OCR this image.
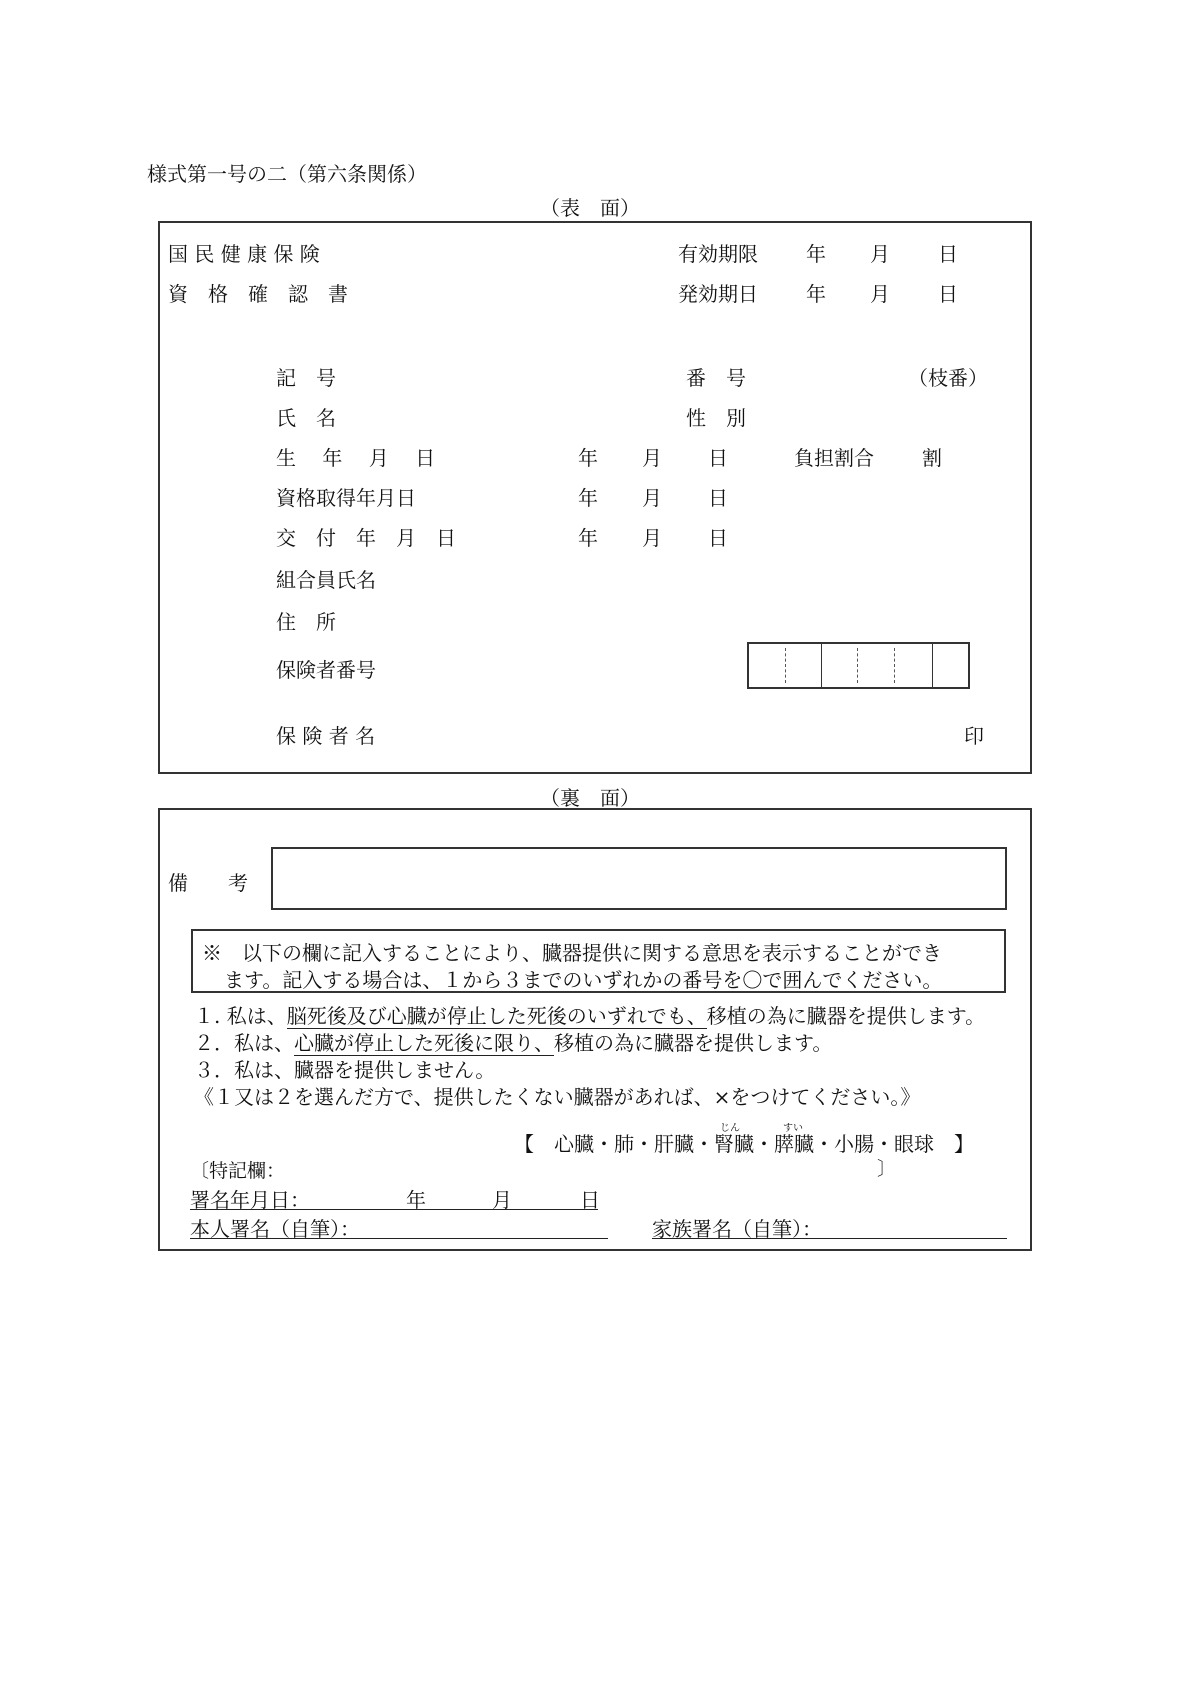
様式第一号の二（第六条関係）
（表　面）
国 民 健 康 保 険
資　格　確　認　書
有効期限 年 月 日
発効期日 年 月 日
記　号	番　号	（枝番）
氏　名	性　別
生　 年　 月　 日	年 月 日	負担割合 割
資格取得年月日	年 月 日
交　付　年　月　日	年 月 日
組合員氏名
住　所
保険者番号
保 険 者 名	印
（裏　面）
備　　考
※　以下の欄に記入することにより、臓器提供に関する意思を表示することができ
ます。記入する場合は、１から３までのいずれかの番号を〇で囲んでください。
１. 私は、脳死後及び心臓が停止した死後のいずれでも、移植の為に臓器を提供します。
２．私は、心臓が停止した死後に限り、移植の為に臓器を提供します。
３．私は、臓器を提供しません。
《１又は２を選んだ方で、提供したくない臓器があれば、×をつけてください。》
じん	すい
【　心臓・肺・肝臓・腎臓・膵臓・小腸・眼球　】
〔特記欄：	〕
署名年月日：	年	月	日
本人署名（自筆）：	家族署名（自筆）：
